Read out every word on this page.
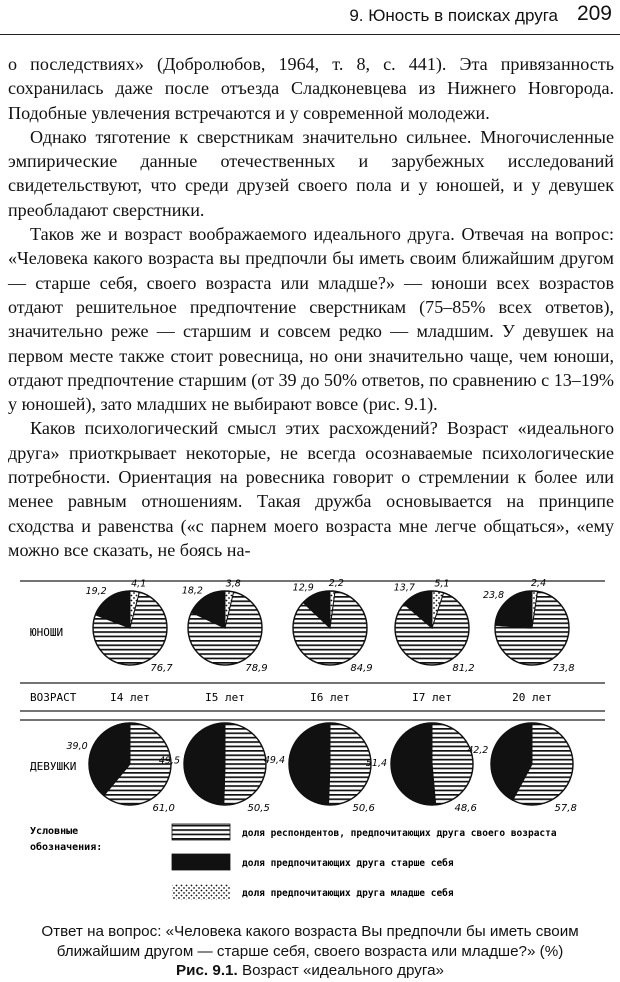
9. Юность в поисках друга 209

о последствиях» (Добролюбов, 1964, т. 8, с. 441). Эта привязанность сохранилась даже после отъезда Сладконевцева из Нижнего Новгорода. Подобные увлечения встречаются и у современной молодежи.

Однако тяготение к сверстникам значительно сильнее. Многочисленные эмпирические данные отечественных и зарубежных исследований свидетельствуют, что среди друзей своего пола и у юношей, и у девушек преобладают сверстники.

Таков же и возраст воображаемого идеального друга. Отвечая на вопрос: «Человека какого возраста вы предпочли бы иметь своим ближайшим другом — старше себя, своего возраста или младше?» — юноши всех возрастов отдают решительное предпочтение сверстникам (75–85% всех ответов), значительно реже — старшим и совсем редко — младшим. У девушек на первом месте также стоит ровесница, но они значительно чаще, чем юноши, отдают предпочтение старшим (от 39 до 50% ответов, по сравнению с 13–19% у юношей), зато младших не выбирают вовсе (рис. 9.1).

Каков психологический смысл этих расхождений? Возраст «идеального друга» приоткрывает некоторые, не всегда осознаваемые психологические потребности. Ориентация на ровесника говорит о стремлении к более или менее равным отношениям. Такая дружба основывается на принципе сходства и равенства («с парнем моего возраста мне легче общаться», «ему можно все сказать, не боясь на-

ЮНОШИ
ДЕВУШКИ
ВОЗРАСТ	I4 лет	I5 лет	I6 лет	I7 лет	20 лет
76,7
19,2
4,1
78,9
18,2
3,8
84,9
12,9 2,2
81,2
13,7 5,1
73,8
23,8
2,4
61,0
39,0
50,5
49,5
50,6
49,4
48,6
51,4
57,8
42,2
Условные
обозначения:
доля респондентов, предпочитающих друга своего возраста
доля предпочитающих друга старше себя
доля предпочитающих друга младше себя
Ответ на вопрос: «Человека какого возраста Вы предпочли бы иметь своим
ближайшим другом — старше себя, своего возраста или младше?» (%)
Рис. 9.1. Возраст «идеального друга»
